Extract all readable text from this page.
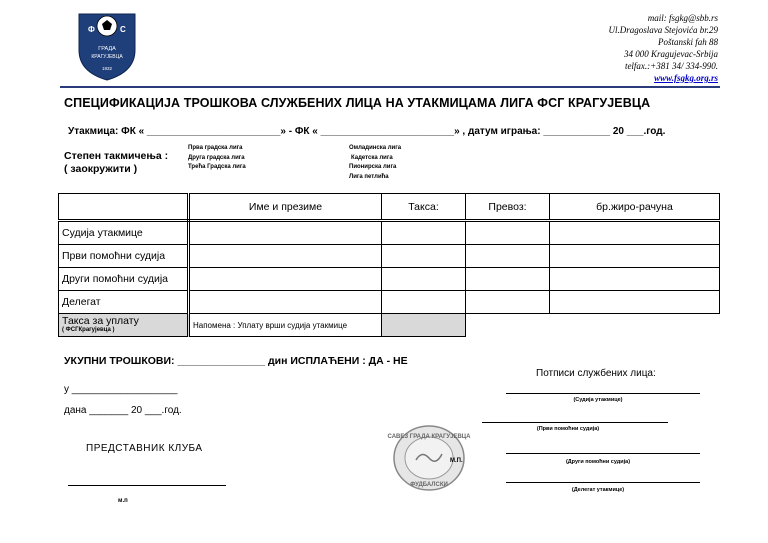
Ф	С
ГРАДА
КРАГУЈЕВЦА
1932
mail: fsgkg@sbb.rs
Ul.Dragoslava Stejovića br.29
Poštanski fah 88
34 000 Kragujevac-Srbija
telfax.:+381 34/ 334-990.
www.fsgkg.org.rs
СПЕЦИФИКАЦИЈА ТРОШКОВА СЛУЖБЕНИХ ЛИЦА НА УТАКМИЦАМА ЛИГА ФСГ КРАГУЈЕВЦА
Утакмица: ФК « ________________________» - ФК « ________________________» , датум играња: ____________ 20 ___.год.
Степен такмичења :
( заокружити )
Прва градска лига
Друга градска лига
Трећа Градска лига
Омладинска лига
Кадетска лига
Пионирска лига
Лига петлића
	Име и презиме	Такса:	Превоз:	бр.жиро-рачуна
Судија утакмице				
Први помоћни судија				
Други помоћни судија				
Делегат				
Такса за уплату
( ФСГКрагујевца )	Напомена : Уплату врши судија утакмице			
УКУПНИ ТРОШКОВИ: _______________ дин ИСПЛАЋЕНИ : ДА - НЕ
у ___________________
дана _______ 20 ___.год.
ПРЕДСТАВНИК КЛУБА
м.п
САВЕЗ ГРАДА КРАГУЈЕВЦА
ФУДБАЛСКИ
М.П.
Потписи службених лица:
(Судија утакмице)
(Први помоћни судија)
(Други помоћни судија)
(Делегат утакмице)
